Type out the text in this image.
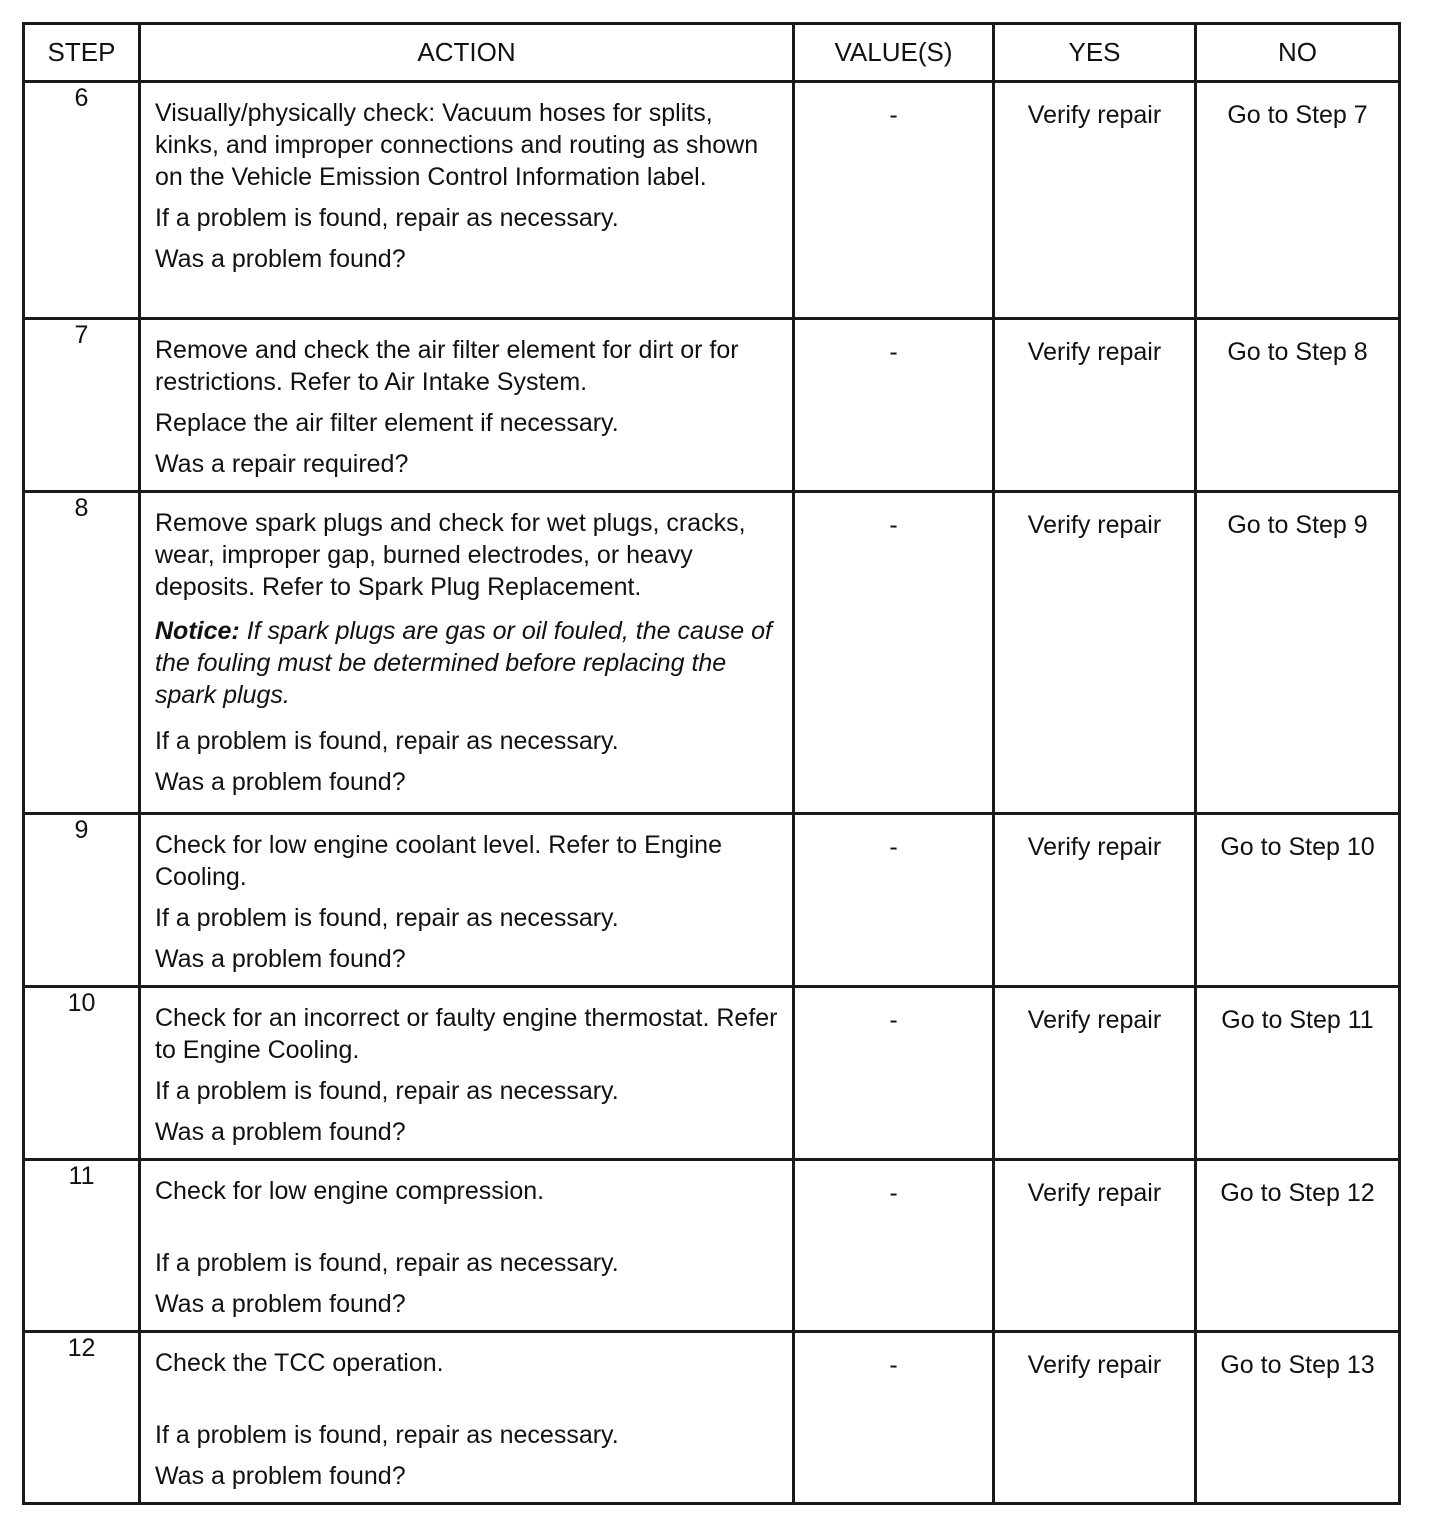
STEP	ACTION	VALUE(S)	YES	NO
6	Visually/physically check: Vacuum hoses for splits, kinks, and improper connections and routing as shown on the Vehicle Emission Control Information label.

If a problem is found, repair as necessary.

Was a problem found?	-	Verify repair	Go to Step 7
7	Remove and check the air filter element for dirt or for restrictions. Refer to Air Intake System.

Replace the air filter element if necessary.

Was a repair required?	-	Verify repair	Go to Step 8
8	Remove spark plugs and check for wet plugs, cracks, wear, improper gap, burned electrodes, or heavy deposits. Refer to Spark Plug Replacement.

Notice: If spark plugs are gas or oil fouled, the cause of the fouling must be determined before replacing the spark plugs.

If a problem is found, repair as necessary.

Was a problem found?	-	Verify repair	Go to Step 9
9	Check for low engine coolant level. Refer to Engine Cooling.

If a problem is found, repair as necessary.

Was a problem found?	-	Verify repair	Go to Step 10
10	Check for an incorrect or faulty engine thermostat. Refer to Engine Cooling.

If a problem is found, repair as necessary.

Was a problem found?	-	Verify repair	Go to Step 11
11	Check for low engine compression.

If a problem is found, repair as necessary.

Was a problem found?	-	Verify repair	Go to Step 12
12	Check the TCC operation.

If a problem is found, repair as necessary.

Was a problem found?	-	Verify repair	Go to Step 13
